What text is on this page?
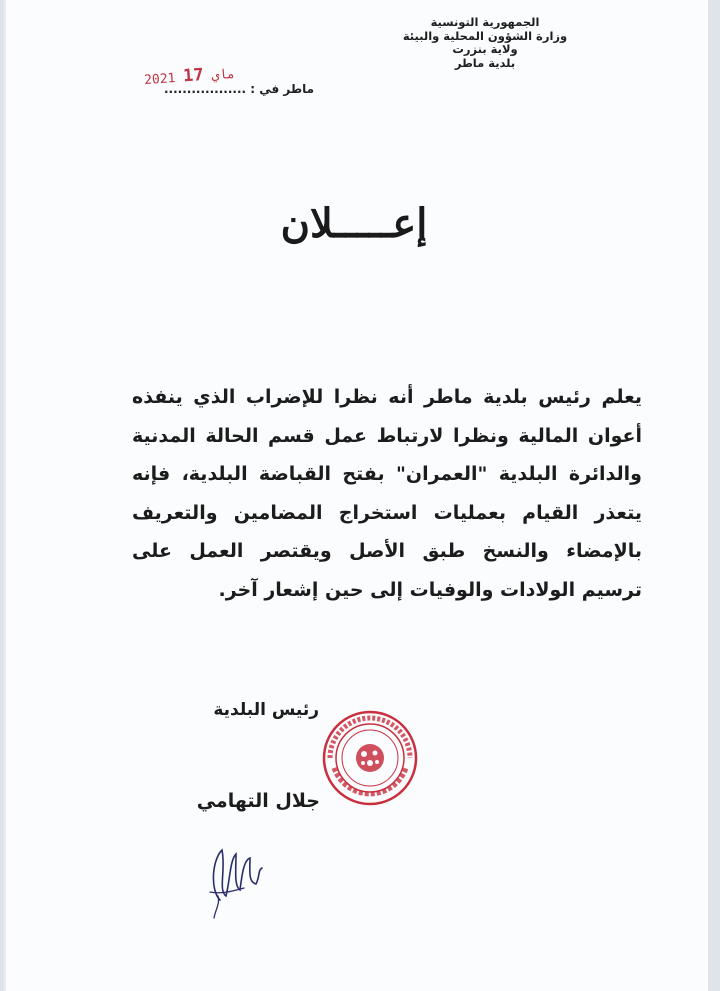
الجمهورية التونسية
وزارة الشؤون المحلية والبيئة
ولاية بنزرت
بلدية ماطر
2021	ماي 17
ماطر في : ..................
إعـــــلان

يعلم رئيس بلدية ماطر أنه نظرا للإضراب الذي ينفذه أعوان المالية ونظرا لارتباط عمل قسم الحالة المدنية والدائرة البلدية "العمران" بفتح القباضة البلدية، فإنه يتعذر القيام بعمليات استخراج المضامين والتعريف بالإمضاء والنسخ طبق الأصل ويقتصر العمل على ترسيم الولادات والوفيات إلى حين إشعار آخر.

رئيس البلدية
جلال التهامي
